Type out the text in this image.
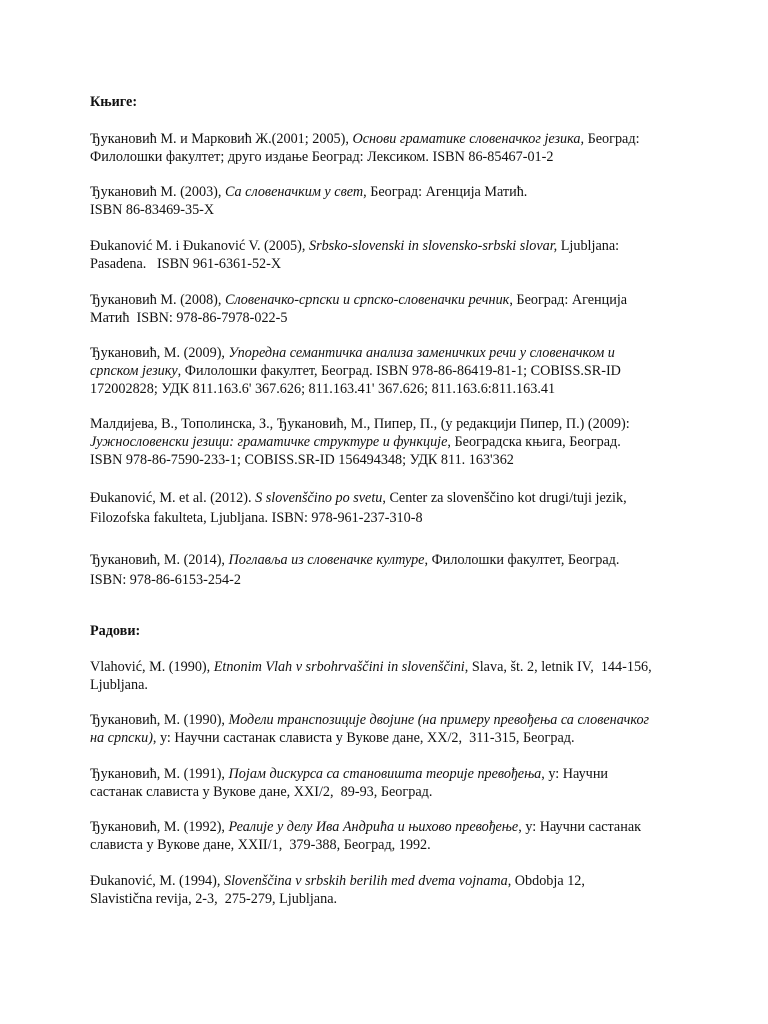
Књиге:
Ђукановић М. и Марковић Ж.(2001; 2005), Основи граматике словеначког језика, Београд:
Филолошки факултет; друго издање Београд: Лексиком. ISBN 86-85467-01-2
Ђукановић М. (2003), Са словеначким у свет, Београд: Агенција Матић.
ISBN 86-83469-35-X
Đukanović M. i Đukanović V. (2005), Srbsko-slovenski in slovensko-srbski slovar, Ljubljana:
Pasadena.   ISBN 961-6361-52-X
Ђукановић М. (2008), Словеначко-српски и српско-словеначки речник, Београд: Агенција
Матић  ISBN: 978-86-7978-022-5
Ђукановић, М. (2009), Упоредна семантичка анализа заменичких речи у словеначком и
српском језику, Филолошки факултет, Београд. ISBN 978-86-86419-81-1; COBISS.SR-ID
172002828; УДК 811.163.6' 367.626; 811.163.41' 367.626; 811.163.6:811.163.41
Малдијева, В., Тополинска, З., Ђукановић, М., Пипер, П., (у редакцији Пипер, П.) (2009):
Јужнословенски језици: граматичке структуре и функције, Београдска књига, Београд.
ISBN 978-86-7590-233-1; COBISS.SR-ID 156494348; УДК 811. 163'362
Đukanović, M. et al. (2012). S slovenščino po svetu, Center za slovenščino kot drugi/tuji jezik,
Filozofska fakulteta, Ljubljana. ISBN: 978-961-237-310-8
Ђукановић, М. (2014), Поглавља из словеначке културе, Филолошки факултет, Београд.
ISBN: 978-86-6153-254-2
Радови:
Vlahović, M. (1990), Etnonim Vlah v srbohrvaščini in slovenščini, Slava, št. 2, letnik IV,  144-156,
Ljubljana.
Ђукановић, М. (1990), Модели транспозиције двојине (на примеру превођења са словеначког
на српски), у: Научни састанак слависта у Вукове дане, XX/2,  311-315, Београд.
Ђукановић, М. (1991), Појам дискурса са становишта теорије превођења, у: Научни
састанак слависта у Вукове дане, XXI/2,  89-93, Београд.
Ђукановић, М. (1992), Реалије у делу Ива Андрића и њихово превођење, у: Научни састанак
слависта у Вукове дане, XXII/1,  379-388, Београд, 1992.
Đukanović, M. (1994), Slovenščina v srbskih berilih med dvema vojnama, Obdobja 12,
Slavistična revija, 2-3,  275-279, Ljubljana.
